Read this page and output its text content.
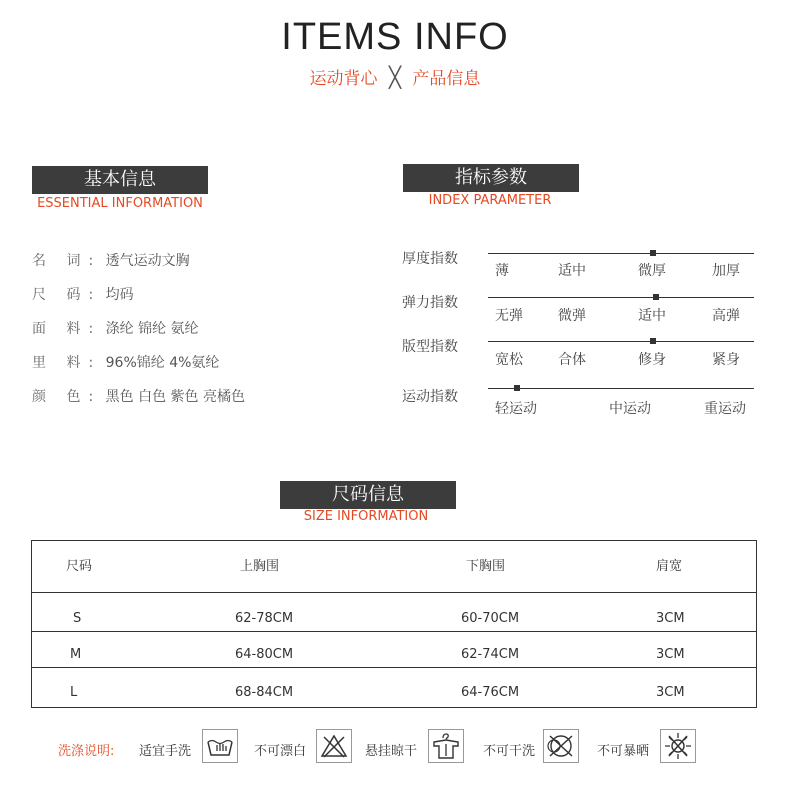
ITEMS INFO
运动背心 ╳ 产品信息
基本信息
ESSENTIAL INFORMATION
名 词: 透气运动文胸
尺 码: 均码
面 料: 涤纶 锦纶 氨纶
里 料: 96%锦纶 4%氨纶
颜 色: 黑色 白色 紫色 亮橘色
指标参数
INDEX PARAMETER
厚度指数
薄	适中	微厚	加厚
弹力指数
无弹	微弹	适中	高弹
版型指数
宽松	合体	修身	紧身
运动指数
轻运动	中运动	重运动
尺码信息
SIZE INFORMATION
尺码	上胸围	下胸围	肩宽
S	62-78CM	60-70CM	3CM
M	64-80CM	62-74CM	3CM
L	68-84CM	64-76CM	3CM
洗涤说明: 适宜手洗	不可漂白	悬挂晾干	不可干洗	不可暴晒
